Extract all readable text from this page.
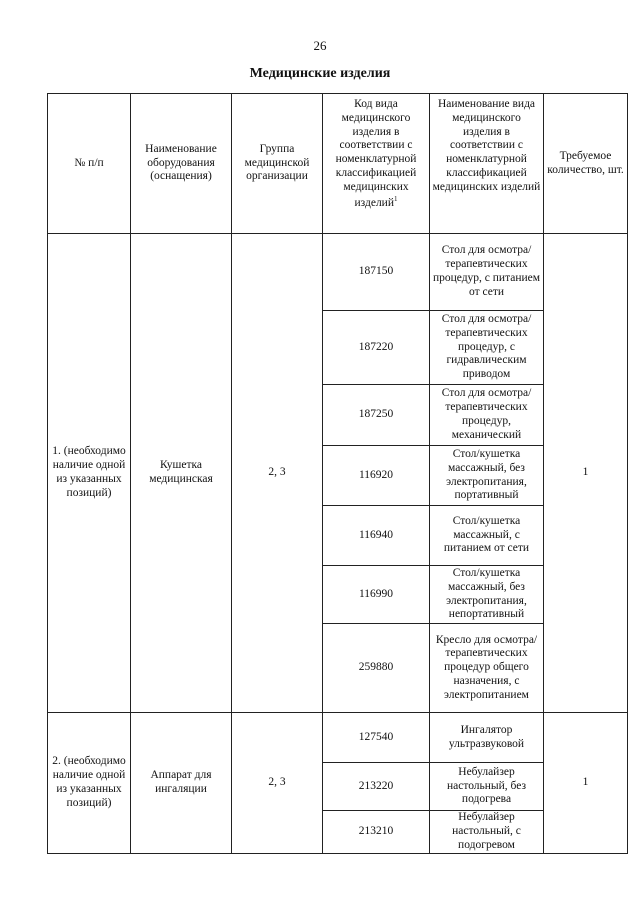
26
Медицинские изделия
№ п/п	Наименование оборудования (оснащения)	Группа медицинской организации	Код вида медицинского изделия в соответствии с номенклатурной классификацией медицинских изделий$^1$	Наименование вида медицинского изделия в соответствии с номенклатурной классификацией медицинских изделий	Требуемое количество, шт.
1. (необходимо наличие одной из указанных позиций)	Кушетка медицинская	2, 3	187150	Стол для осмотра/ терапевтических процедур, с питанием от сети	1
			187220	Стол для осмотра/ терапевтических процедур, с гидравлическим приводом	
			187250	Стол для осмотра/ терапевтических процедур, механический	
			116920	Стол/кушетка массажный, без электропитания, портативный	
			116940	Стол/кушетка массажный, с питанием от сети	
			116990	Стол/кушетка массажный, без электропитания, непортативный	
			259880	Кресло для осмотра/ терапевтических процедур общего назначения, с электропитанием	
2. (необходимо наличие одной из указанных позиций)	Аппарат для ингаляции	2, 3	127540	Ингалятор ультразвуковой	1
			213220	Небулайзер настольный, без подогрева	
			213210	Небулайзер настольный, с подогревом	
